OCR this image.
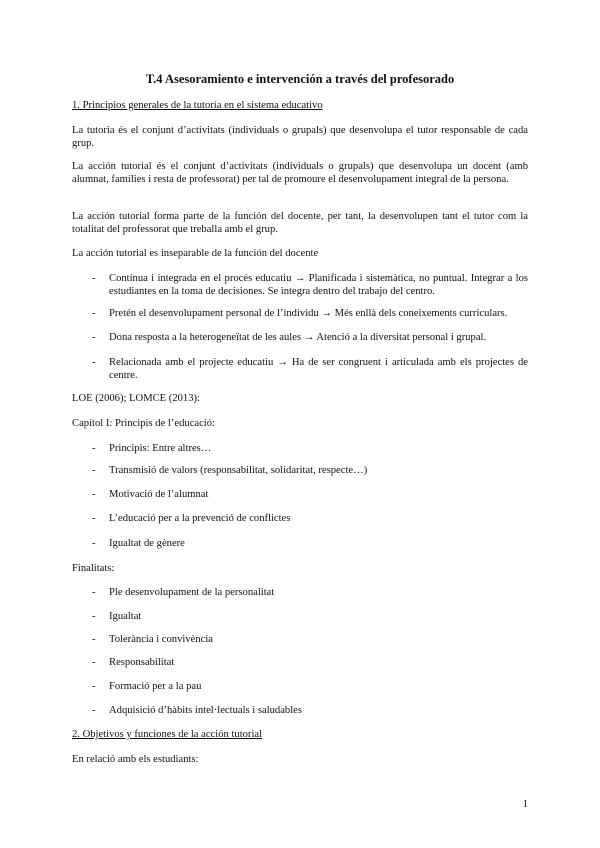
T.4 Asesoramiento e intervención a través del profesorado
1. Principios generales de la tutoría en el sistema educativo
La tutoria és el conjunt d’activitats (individuals o grupals) que desenvolupa el tutor responsable de cada grup.
La acción tutorial és el conjunt d’activitats (individuals o grupals) que desenvolupa un docent (amb alumnat, famílies i resta de professorat) per tal de promoure el desenvolupament integral de la persona.
La acción tutorial forma parte de la función del docente, per tant, la desenvolupen tant el tutor com la totalitat del professorat que treballa amb el grup.
La acción tutorial es inseparable de la función del docente
- Contínua i integrada en el procés educatiu → Planificada i sistemàtica, no puntual. Integrar a los estudiantes en la toma de decisiones. Se integra dentro del trabajo del centro.
- Pretén el desenvolupament personal de l’individu → Més enllà dels coneixements curriculars.
- Dona resposta a la heterogeneïtat de les aules → Atenció a la diversitat personal i grupal.
- Relacionada amb el projecte educatiu → Ha de ser congruent i articulada amb els projectes de centre.
LOE (2006); LOMCE (2013):
Capítol I: Principis de l’educació:
- Principis: Entre altres…
- Transmisió de valors (responsabilitat, solidaritat, respecte…)
- Motivació de l’alumnat
- L’educació per a la prevenció de conflictes
- Igualtat de gènere
Finalitats:
- Ple desenvolupament de la personalitat
- Igualtat
- Tolerància i convivència
- Responsabilitat
- Formació per a la pau
- Adquisició d’hàbits intel·lectuals i saludables
2. Objetivos y funciones de la acción tutorial
En relació amb els estudiants:
1
